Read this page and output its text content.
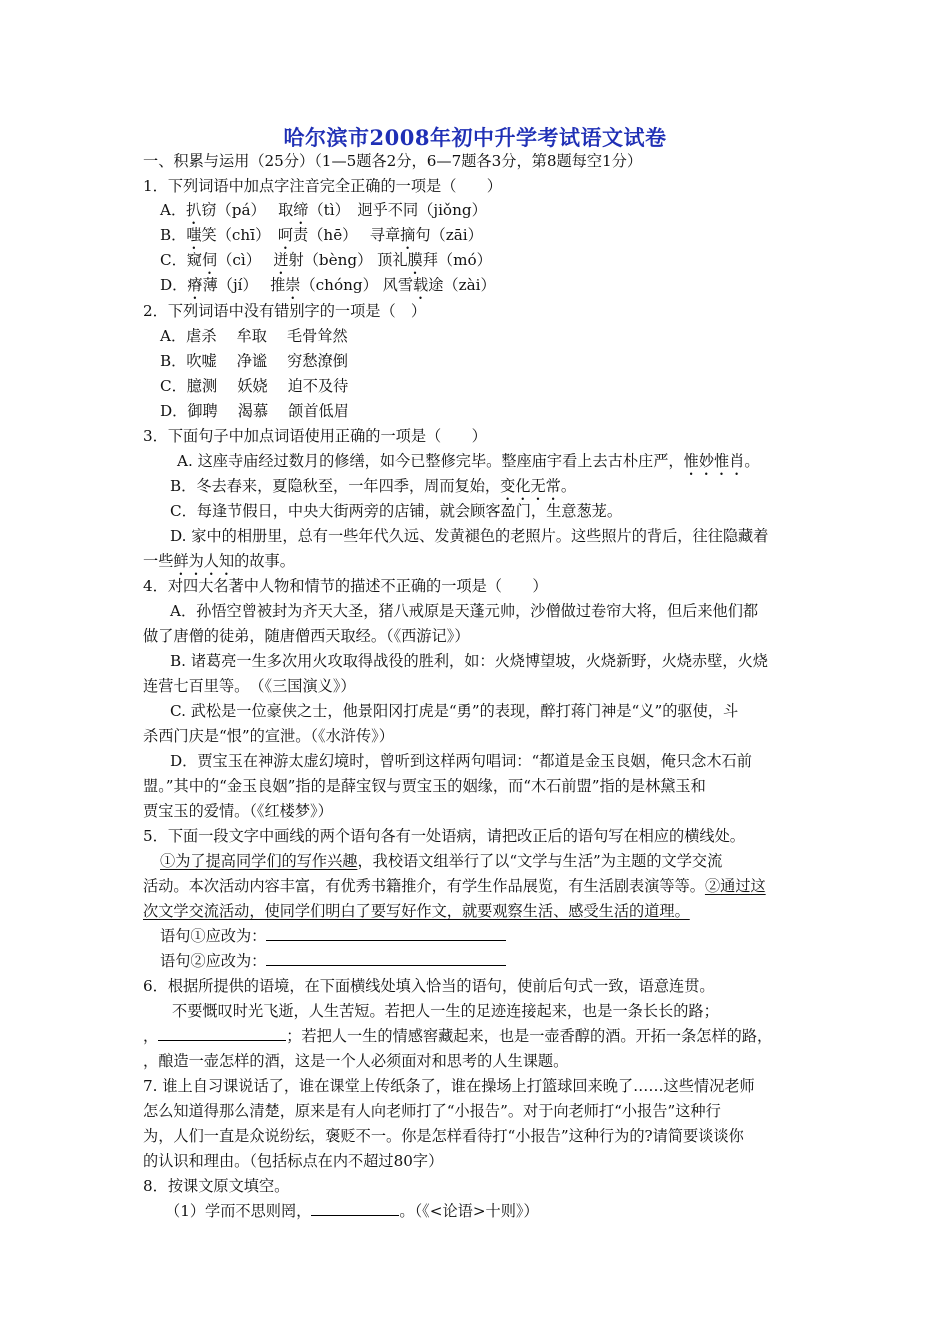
哈尔滨市2008年初中升学考试语文试卷
一、积累与运用（25分）（1—5题各2分，6—7题各3分，第8题每空1分）
1．下列词语中加点字注音完全正确的一项是（　　）
A．扒窃（pá）　 取缔（tì）　 迥乎不同（jiǒng）
B．嗤笑（chī）　 呵责（hē）　 寻章摘句（zāi）
C．窥伺（cì）　 迸射（bèng） 顶礼膜拜（mó）
D．瘠薄（jí）　 推崇（chóng） 风雪载途（zài）
2．下列词语中没有错别字的一项是（　）
A．虐杀　 牟取　 毛骨耸然
B．吹嘘　 净谧　 穷愁潦倒
C．臆测　 妖娆　 迫不及待
D．御聘　 渴慕　 颌首低眉
3．下面句子中加点词语使用正确的一项是（　　）
A. 这座寺庙经过数月的修缮，如今已整修完毕。整座庙宇看上去古朴庄严，惟妙惟肖。
B．冬去春来，夏隐秋至，一年四季，周而复始，变化无常。
C．每逢节假日，中央大街两旁的店铺，就会顾客盈门，生意葱茏。
D. 家中的相册里，总有一些年代久远、发黄褪色的老照片。这些照片的背后，往往隐藏着
一些鲜为人知的故事。
4．对四大名著中人物和情节的描述不正确的一项是（　　）
A．孙悟空曾被封为齐天大圣，猪八戒原是天蓬元帅，沙僧做过卷帘大将，但后来他们都
做了唐僧的徒弟，随唐僧西天取经。（《西游记》）
B. 诸葛亮一生多次用火攻取得战役的胜利，如：火烧博望坡，火烧新野，火烧赤壁，火烧
连营七百里等。　（《三国演义》）
C. 武松是一位豪侠之士，他景阳冈打虎是“勇”的表现，醉打蒋门神是“义”的驱使，斗
杀西门庆是“恨”的宣泄。（《水浒传》）
D．贾宝玉在神游太虚幻境时，曾听到这样两句唱词：“都道是金玉良姻，俺只念木石前
盟。”其中的“金玉良姻”指的是薛宝钗与贾宝玉的姻缘，而“木石前盟”指的是林黛玉和
贾宝玉的爱情。（《红楼梦》）
5．下面一段文字中画线的两个语句各有一处语病，请把改正后的语句写在相应的横线处。
①为了提高同学们的写作兴趣，我校语文组举行了以“文学与生活”为主题的文学交流
活动。本次活动内容丰富，有优秀书籍推介，有学生作品展览，有生活剧表演等等。②通过这
次文学交流活动，使同学们明白了要写好作文，就要观察生活、感受生活的道理。
语句①应改为：
语句②应改为：
6．根据所提供的语境，在下面横线处填入恰当的语句，使前后句式一致，语意连贯。
不要慨叹时光飞逝，人生苦短。若把人一生的足迹连接起来，也是一条长长的路；
，	；若把人一生的情感窖藏起来，也是一壶香醇的酒。开拓一条怎样的路，
，酿造一壶怎样的酒，这是一个人必须面对和思考的人生课题。
7. 谁上自习课说话了，谁在课堂上传纸条了，谁在操场上打篮球回来晚了……这些情况老师
怎么知道得那么清楚，原来是有人向老师打了“小报告”。对于向老师打“小报告”这种行
为，人们一直是众说纷纭，褒贬不一。你是怎样看待打“小报告”这种行为的?请简要谈谈你
的认识和理由。（包括标点在内不超过80字）
8．按课文原文填空。
（1）学而不思则罔，	。（《<论语>十则》）
